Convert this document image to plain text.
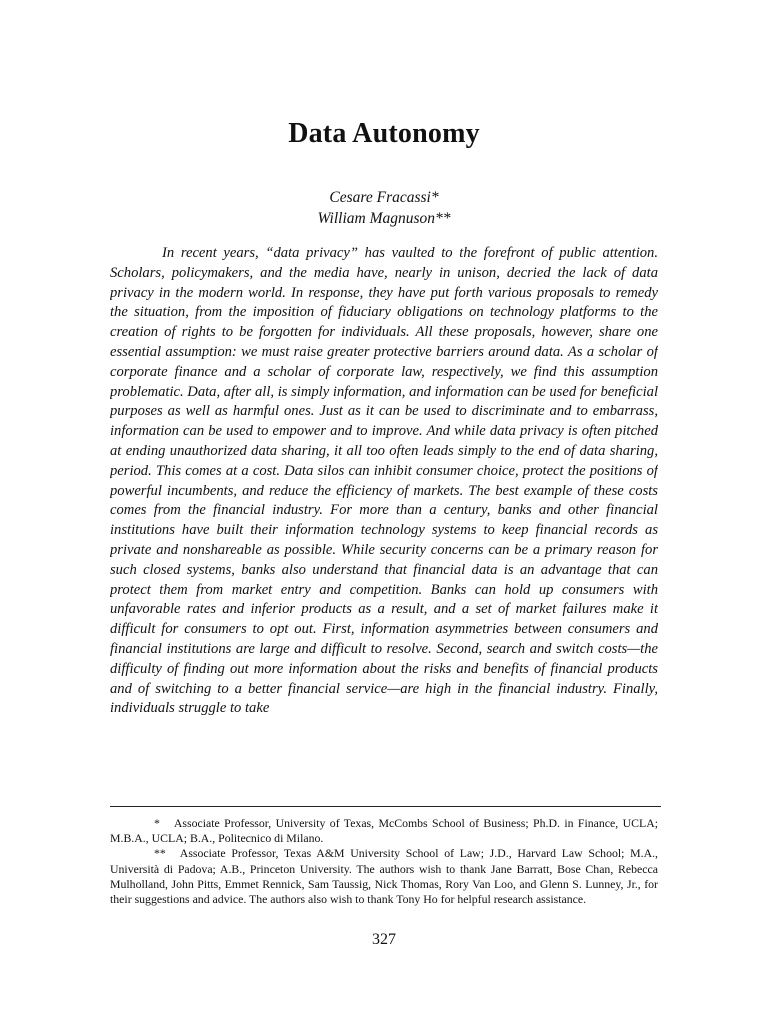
Data Autonomy
Cesare Fracassi*
William Magnuson**

In recent years, “data privacy” has vaulted to the forefront of public attention. Scholars, policymakers, and the media have, nearly in unison, decried the lack of data privacy in the modern world. In response, they have put forth various proposals to remedy the situation, from the imposition of fiduciary obligations on technology platforms to the creation of rights to be forgotten for individuals. All these proposals, however, share one essential assumption: we must raise greater protective barriers around data. As a scholar of corporate finance and a scholar of corporate law, respectively, we find this assumption problematic. Data, after all, is simply information, and information can be used for beneficial purposes as well as harmful ones. Just as it can be used to discriminate and to embarrass, information can be used to empower and to improve. And while data privacy is often pitched at ending unauthorized data sharing, it all too often leads simply to the end of data sharing, period. This comes at a cost. Data silos can inhibit consumer choice, protect the positions of powerful incumbents, and reduce the efficiency of markets. The best example of these costs comes from the financial industry. For more than a century, banks and other financial institutions have built their information technology systems to keep financial records as private and nonshareable as possible. While security concerns can be a primary reason for such closed systems, banks also understand that financial data is an advantage that can protect them from market entry and competition. Banks can hold up consumers with unfavorable rates and inferior products as a result, and a set of market failures make it difficult for consumers to opt out. First, information asymmetries between consumers and financial institutions are large and difficult to resolve. Second, search and switch costs—the difficulty of finding out more information about the risks and benefits of financial products and of switching to a better financial service—are high in the financial industry. Finally, individuals struggle to take

* Associate Professor, University of Texas, McCombs School of Business; Ph.D. in Finance, UCLA; M.B.A., UCLA; B.A., Politecnico di Milano.

** Associate Professor, Texas A&M University School of Law; J.D., Harvard Law School; M.A., Università di Padova; A.B., Princeton University. The authors wish to thank Jane Barratt, Bose Chan, Rebecca Mulholland, John Pitts, Emmet Rennick, Sam Taussig, Nick Thomas, Rory Van Loo, and Glenn S. Lunney, Jr., for their suggestions and advice. The authors also wish to thank Tony Ho for helpful research assistance.

327
